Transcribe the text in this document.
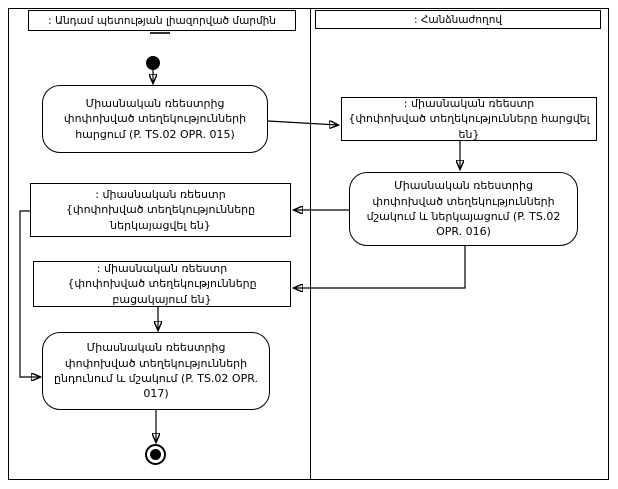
: Անդամ պետության լիազորված մարմին	: Հանձնաժողով
Միասնական ռեեստրից փոփոխված տեղեկությունների հարցում (P. TS.02 OPR. 015)
: միասնական ռեեստր
{փոփոխված տեղեկությունները հարցվել են}
Միասնական ռեեստրից փոփոխված տեղեկությունների մշակում և ներկայացում (P. TS.02 OPR. 016)
: միասնական ռեեստր
{փոփոխված տեղեկությունները ներկայացվել են}
: միասնական ռեեստր
{փոփոխված տեղեկությունները բացակայում են}
Միասնական ռեեստրից փոփոխված տեղեկությունների ընդունում և մշակում (P. TS.02 OPR. 017)
